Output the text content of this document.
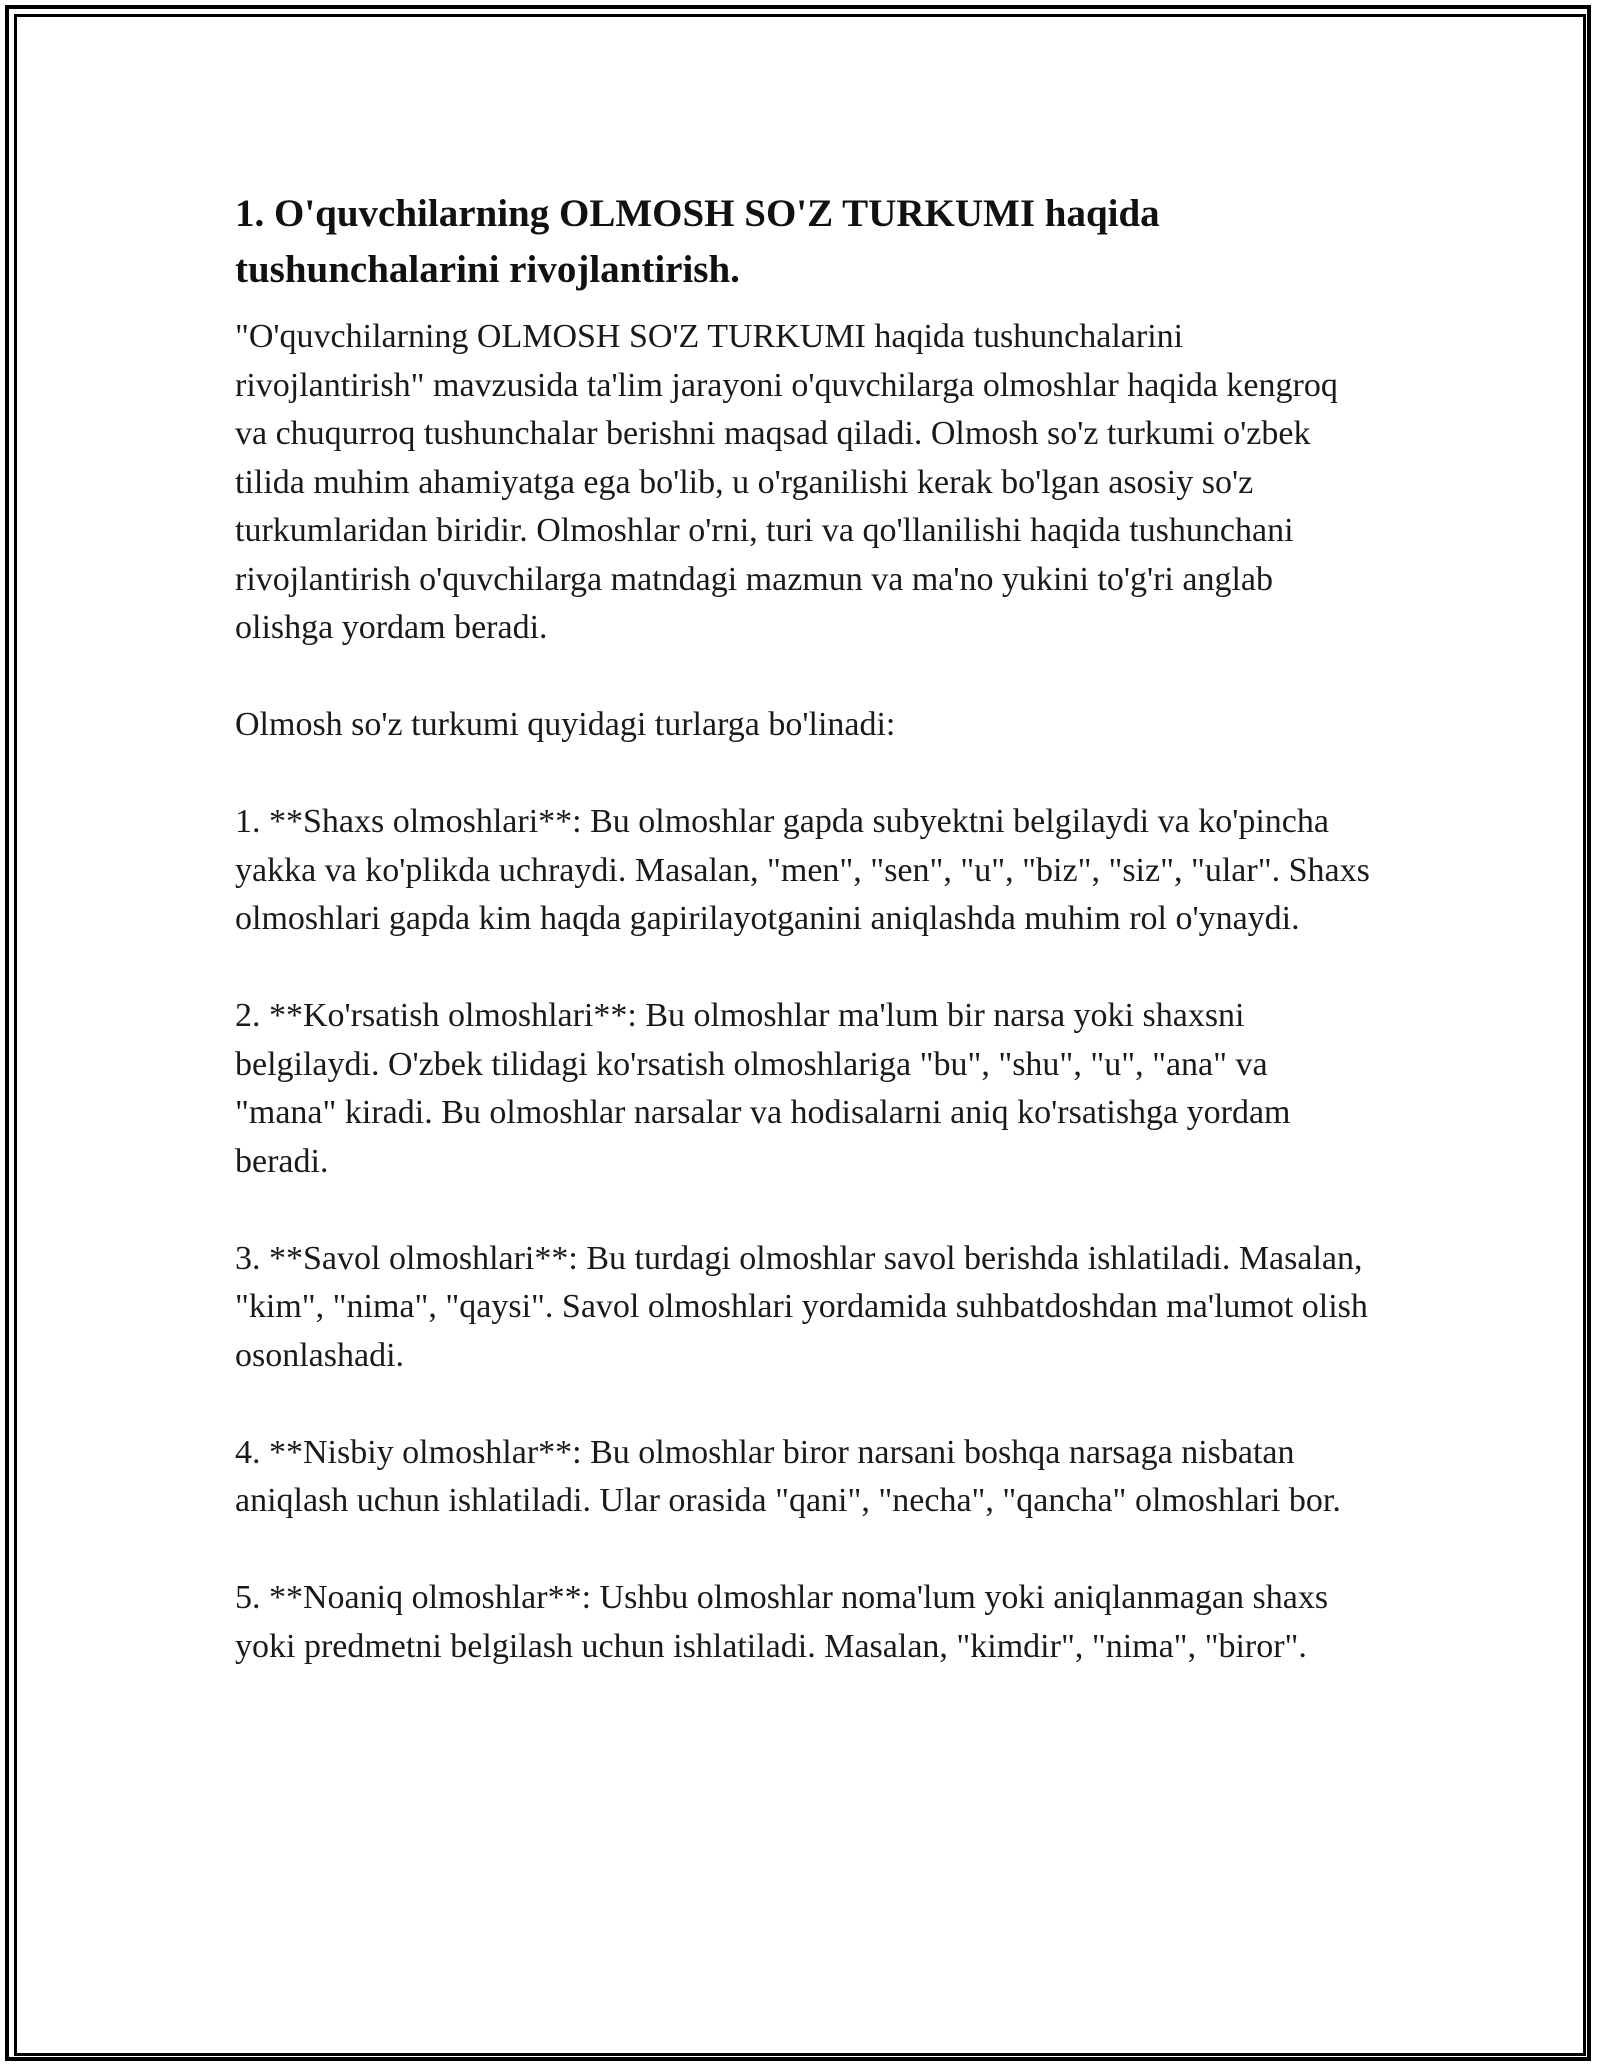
1. O'quvchilarning OLMOSH SO'Z TURKUMI haqida tushunchalarini rivojlantirish.

"O'quvchilarning OLMOSH SO'Z TURKUMI haqida tushunchalarini rivojlantirish" mavzusida ta'lim jarayoni o'quvchilarga olmoshlar haqida kengroq va chuqurroq tushunchalar berishni maqsad qiladi. Olmosh so'z turkumi o'zbek tilida muhim ahamiyatga ega bo'lib, u o'rganilishi kerak bo'lgan asosiy so'z turkumlaridan biridir. Olmoshlar o'rni, turi va qo'llanilishi haqida tushunchani rivojlantirish o'quvchilarga matndagi mazmun va ma'no yukini to'g'ri anglab olishga yordam beradi.

Olmosh so'z turkumi quyidagi turlarga bo'linadi:

1. **Shaxs olmoshlari**: Bu olmoshlar gapda subyektni belgilaydi va ko'pincha yakka va ko'plikda uchraydi. Masalan, "men", "sen", "u", "biz", "siz", "ular". Shaxs olmoshlari gapda kim haqda gapirilayotganini aniqlashda muhim rol o'ynaydi.

2. **Ko'rsatish olmoshlari**: Bu olmoshlar ma'lum bir narsa yoki shaxsni belgilaydi. O'zbek tilidagi ko'rsatish olmoshlariga "bu", "shu", "u", "ana" va "mana" kiradi. Bu olmoshlar narsalar va hodisalarni aniq ko'rsatishga yordam beradi.

3. **Savol olmoshlari**: Bu turdagi olmoshlar savol berishda ishlatiladi. Masalan, "kim", "nima", "qaysi". Savol olmoshlari yordamida suhbatdoshdan ma'lumot olish osonlashadi.

4. **Nisbiy olmoshlar**: Bu olmoshlar biror narsani boshqa narsaga nisbatan aniqlash uchun ishlatiladi. Ular orasida "qani", "necha", "qancha" olmoshlari bor.

5. **Noaniq olmoshlar**: Ushbu olmoshlar noma'lum yoki aniqlanmagan shaxs yoki predmetni belgilash uchun ishlatiladi. Masalan, "kimdir", "nima", "biror".
